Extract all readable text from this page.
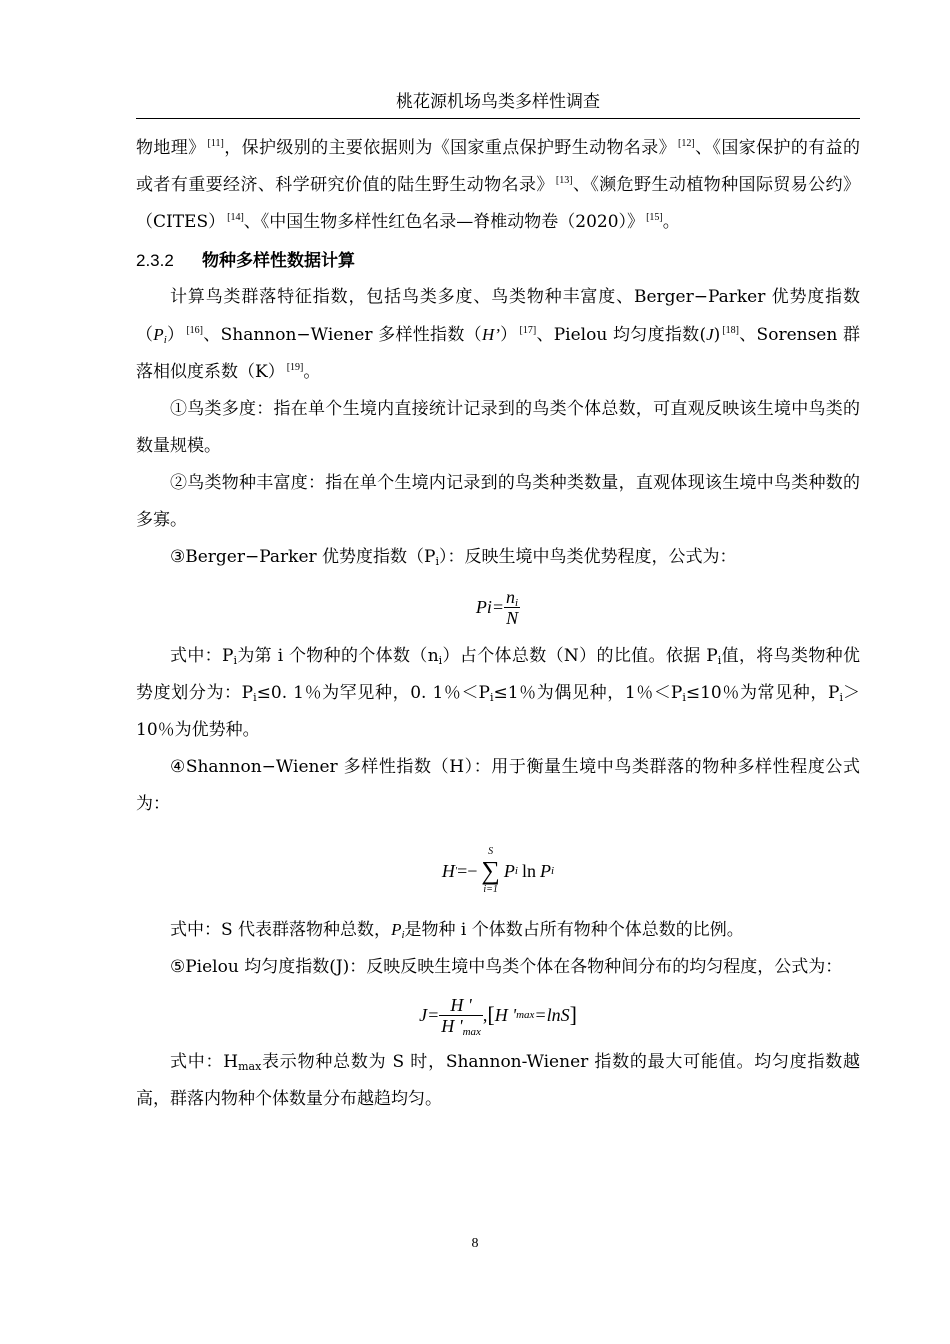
桃花源机场鸟类多样性调查

物地理》 [11]，保护级别的主要依据则为《国家重点保护野生动物名录》 [12]、《国家保护的有益的或者有重要经济、科学研究价值的陆生野生动物名录》 [13]、《濒危野生动植物种国际贸易公约》（CITES） [14]、《中国生物多样性红色名录—脊椎动物卷（2020）》 [15]。

2.3.2 物种多样性数据计算

计算鸟类群落特征指数，包括鸟类多度、鸟类物种丰富度、Berger−Parker 优势度指数$(P_i)$ [16]、Shannon−Wiener 多样性指数（H’） [17]、Pielou 均匀度指数(J) [18]、Sorensen 群落相似度系数（K） [19]。

①鸟类多度：指在单个生境内直接统计记录到的鸟类个体总数，可直观反映该生境中鸟类的数量规模。

②鸟类物种丰富度：指在单个生境内记录到的鸟类种类数量，直观体现该生境中鸟类种数的多寡。

③Berger−Parker 优势度指数$(P_i)$：反映生境中鸟类优势程度，公式为：

$Pi= \frac{n_i}{N}$

式中：$P_i$为第 i 个物种的个体数$(n_i)$占个体总数（N）的比值。依据 $P_i$值，将鸟类物种优势度划分为：$P_i\le 0$. 1％为罕见种，0. 1％$<P_i\le 1$％为偶见种，1％$<P_i\le 10$％为常见种，$P_i>10$％为优势种。

④Shannon−Wiener 多样性指数（H）：用于衡量生境中鸟类群落的物种多样性程度公式为：

H ' =−
S
∑
i=1
P i ln P i

式中：S 代表群落物种总数，$P_i$是物种 i 个体数占所有物种个体总数的比例。

⑤Pielou 均匀度指数(J)：反映反映生境中鸟类个体在各物种间分布的均匀程度，公式为：

$J= \frac{H '}{H '_{max}}$ , [ H ' max =lnS ]

式中：$H_{max}$表示物种总数为 S 时，Shannon-Wiener 指数的最大可能值。均匀度指数越高，群落内物种个体数量分布越趋均匀。

8
